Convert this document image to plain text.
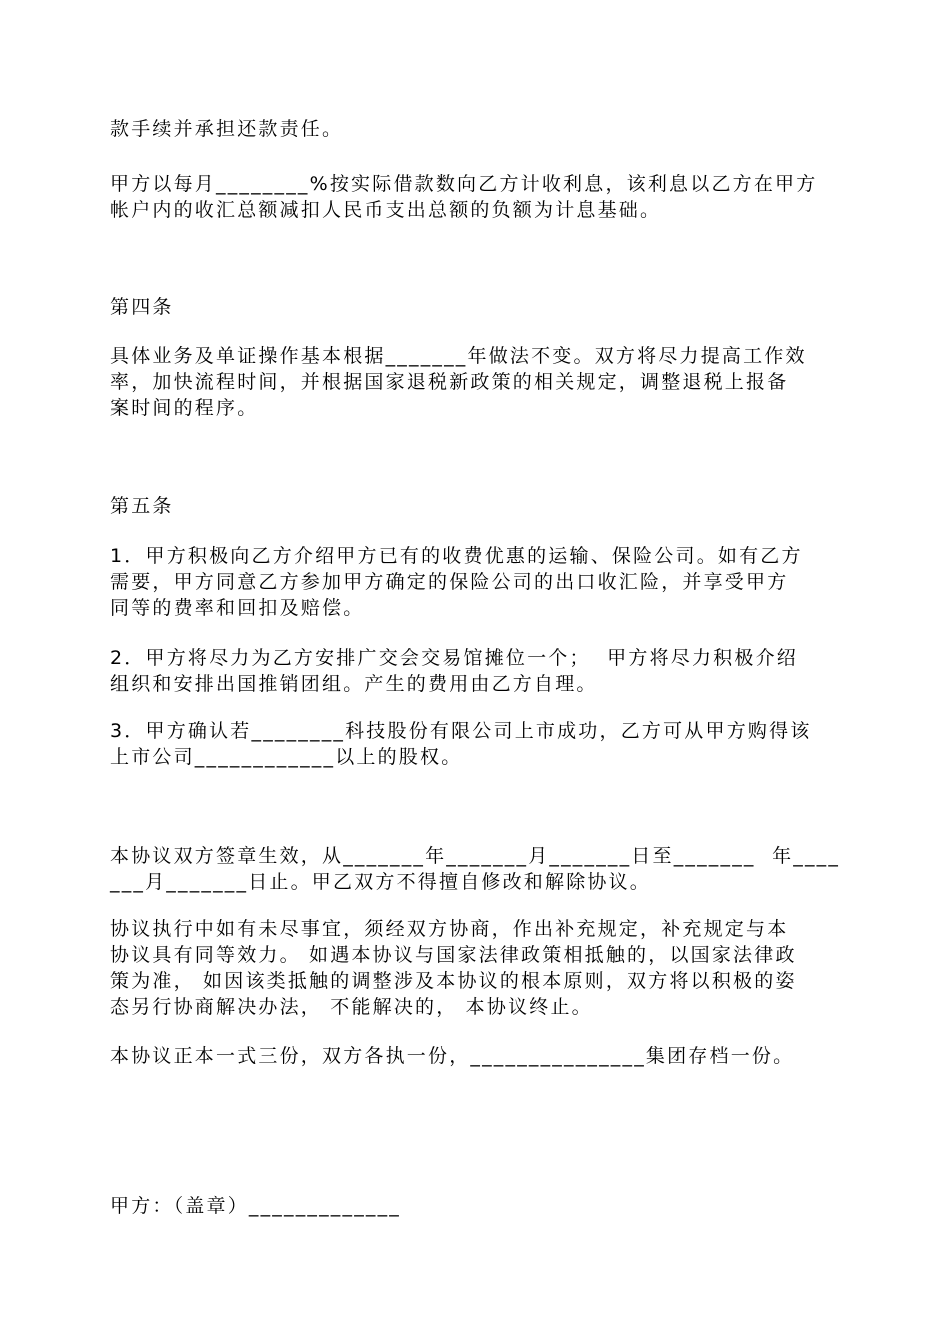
款手续并承担还款责任。
甲方以每月________%按实际借款数向乙方计收利息，该利息以乙方在甲方
帐户内的收汇总额减扣人民币支出总额的负额为计息基础。
第四条
具体业务及单证操作基本根据_______年做法不变。双方将尽力提高工作效
率，加快流程时间，并根据国家退税新政策的相关规定，调整退税上报备
案时间的程序。
第五条
1．甲方积极向乙方介绍甲方已有的收费优惠的运输、保险公司。如有乙方
需要，甲方同意乙方参加甲方确定的保险公司的出口收汇险，并享受甲方
同等的费率和回扣及赔偿。
2．甲方将尽力为乙方安排广交会交易馆摊位一个；  甲方将尽力积极介绍
组织和安排出国推销团组。产生的费用由乙方自理。
3．甲方确认若________科技股份有限公司上市成功，乙方可从甲方购得该
上市公司____________以上的股权。
本协议双方签章生效，从_______年_______月_______日至_______  年____
___月_______日止。甲乙双方不得擅自修改和解除协议。
协议执行中如有未尽事宜，须经双方协商，作出补充规定，补充规定与本
协议具有同等效力。 如遇本协议与国家法律政策相抵触的，以国家法律政
策为准， 如因该类抵触的调整涉及本协议的根本原则，双方将以积极的姿
态另行协商解决办法， 不能解决的， 本协议终止。
本协议正本一式三份，双方各执一份，_______________集团存档一份。
甲方：（盖章）_____________
